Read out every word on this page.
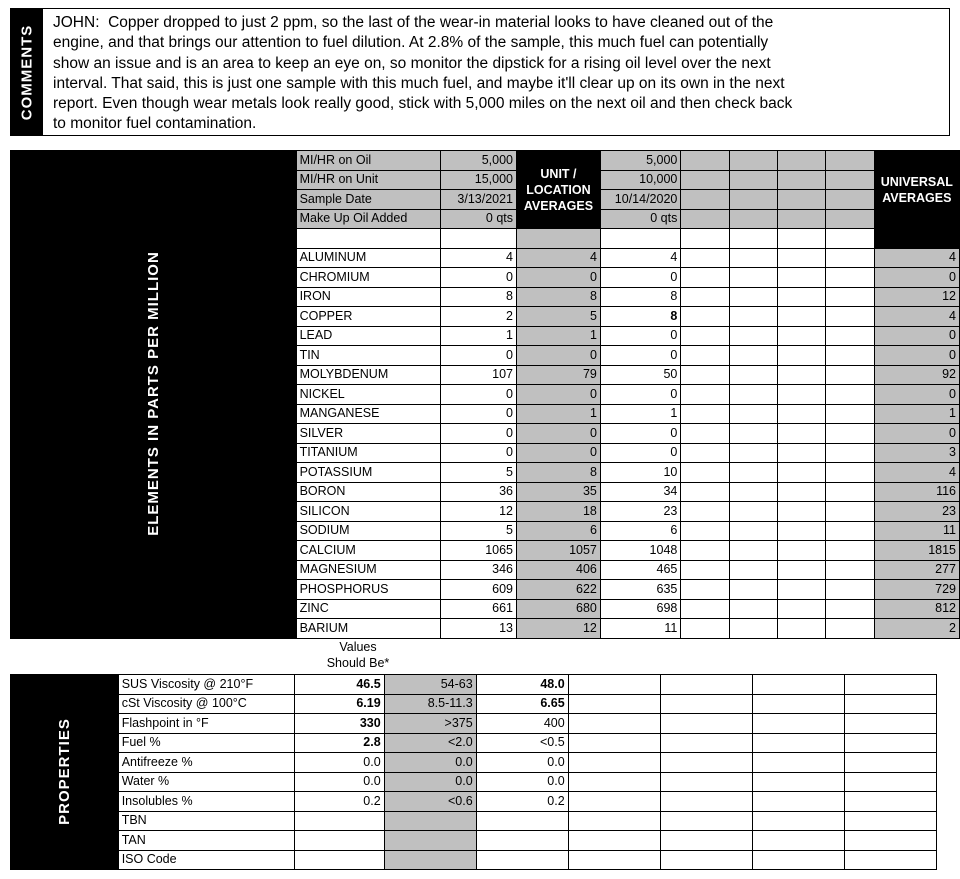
COMMENTS
JOHN:  Copper dropped to just 2 ppm, so the last of the wear-in material looks to have cleaned out of the
engine, and that brings our attention to fuel dilution. At 2.8% of the sample, this much fuel can potentially
show an issue and is an area to keep an eye on, so monitor the dipstick for a rising oil level over the next
interval. That said, this is just one sample with this much fuel, and maybe it'll clear up on its own in the next
report. Even though wear metals look really good, stick with 5,000 miles on the next oil and then check back
to monitor fuel contamination.
ELEMENTS IN PARTS PER MILLION	MI/HR on Oil	5,000	UNIT / LOCATION AVERAGES	5,000					UNIVERSAL AVERAGES
	MI/HR on Unit	15,000		10,000					
	Sample Date	3/13/2021		10/14/2020					
	Make Up Oil Added	0 qts		0 qts					

	ALUMINUM	4	4	4					4
	CHROMIUM	0	0	0					0
	IRON	8	8	8					12
	COPPER	2	5	8					4
	LEAD	1	1	0					0
	TIN	0	0	0					0
	MOLYBDENUM	107	79	50					92
	NICKEL	0	0	0					0
	MANGANESE	0	1	1					1
	SILVER	0	0	0					0
	TITANIUM	0	0	0					3
	POTASSIUM	5	8	10					4
	BORON	36	35	34					116
	SILICON	12	18	23					23
	SODIUM	5	6	6					11
	CALCIUM	1065	1057	1048					1815
	MAGNESIUM	346	406	465					277
	PHOSPHORUS	609	622	635					729
	ZINC	661	680	698					812
	BARIUM	13	12	11					2
Values
Should Be*
PROPERTIES	SUS Viscosity @ 210°F	46.5	54-63	48.0				
	cSt Viscosity @ 100°C	6.19	8.5-11.3	6.65				
	Flashpoint in °F	330	>375	400				
	Fuel %	2.8	<2.0	<0.5				
	Antifreeze %	0.0	0.0	0.0				
	Water %	0.0	0.0	0.0				
	Insolubles %	0.2	<0.6	0.2				
	TBN							
	TAN							
	ISO Code							
